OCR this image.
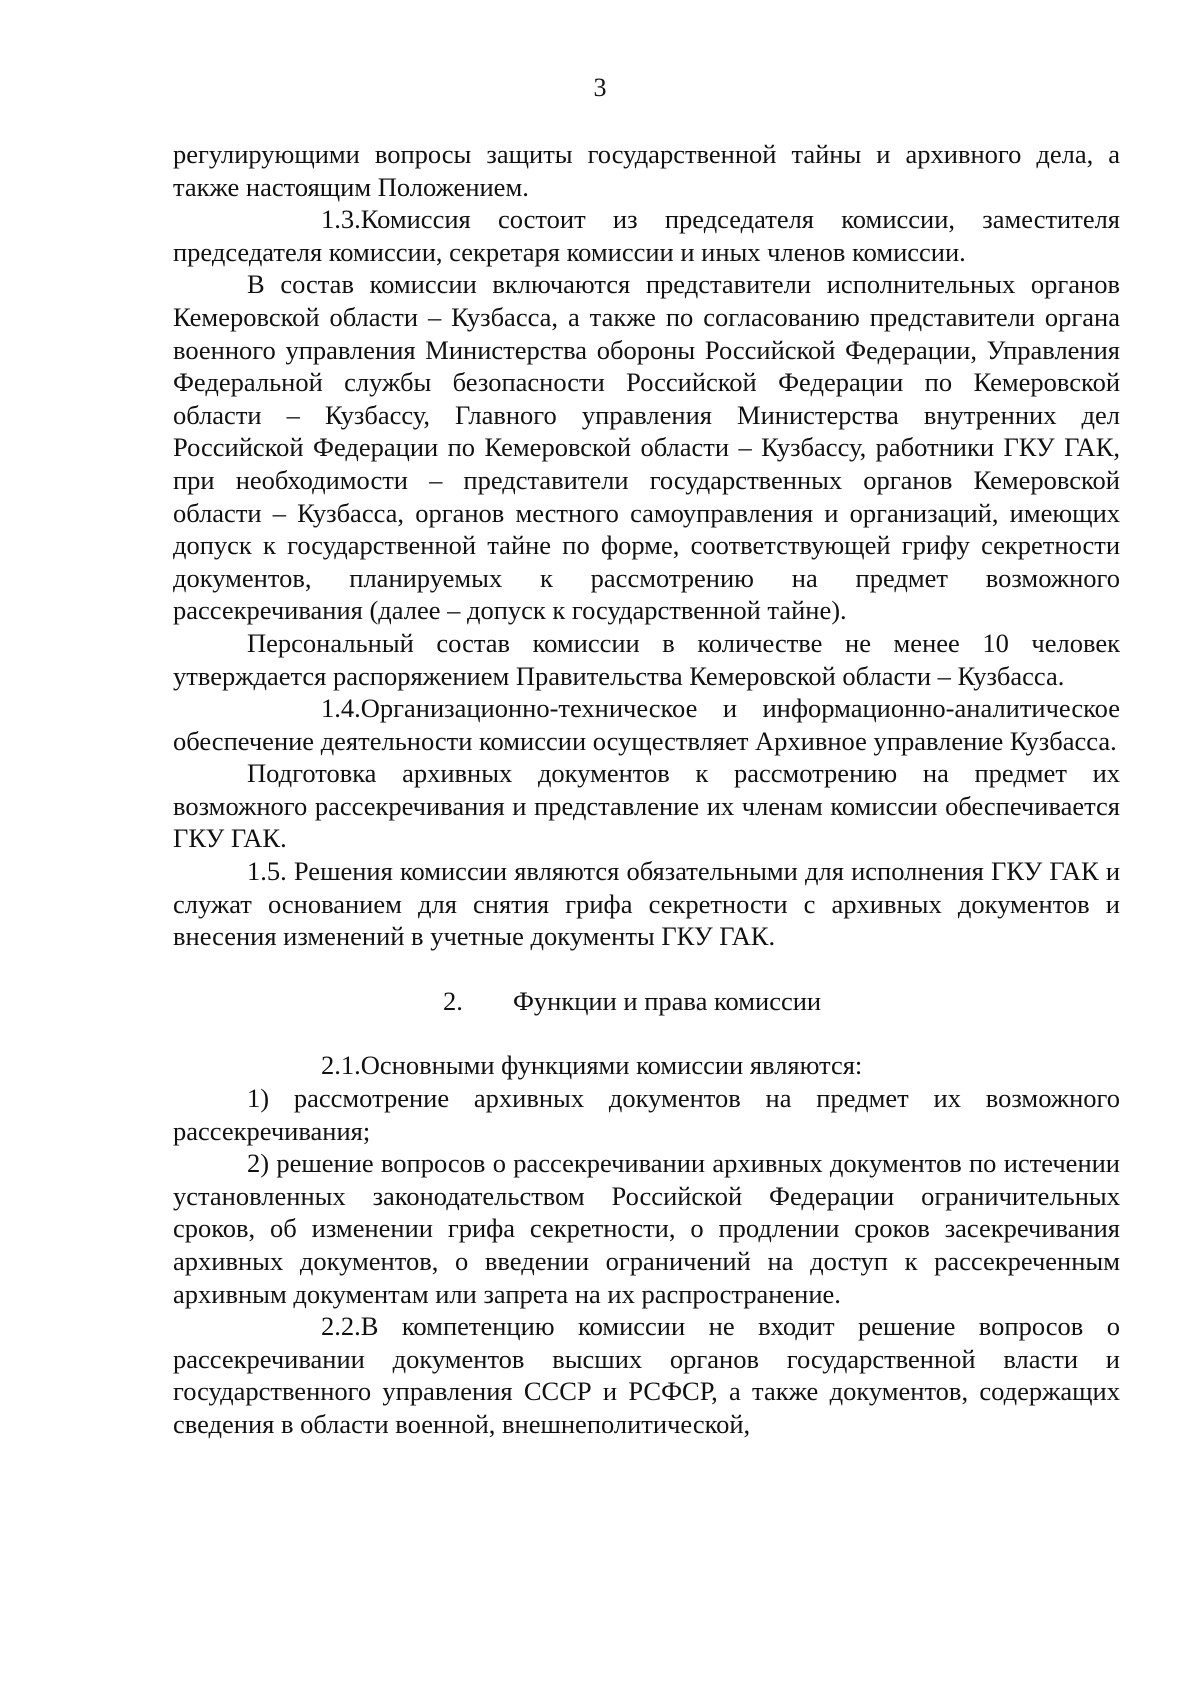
3

регулирующими вопросы защиты государственной тайны и архивного дела, а также настоящим Положением.

1.3.Комиссия состоит из председателя комиссии, заместителя председателя комиссии, секретаря комиссии и иных членов комиссии.

В состав комиссии включаются представители исполнительных органов Кемеровской области – Кузбасса, а также по согласованию представители органа военного управления Министерства обороны Российской Федерации, Управления Федеральной службы безопасности Российской Федерации по Кемеровской области – Кузбассу, Главного управления Министерства внутренних дел Российской Федерации по Кемеровской области – Кузбассу, работники ГКУ ГАК, при необходимости – представители государственных органов Кемеровской области – Кузбасса, органов местного самоуправления и организаций, имеющих допуск к государственной тайне по форме, соответствующей грифу секретности документов, планируемых к рассмотрению на предмет возможного рассекречивания (далее – допуск к государственной тайне).

Персональный состав комиссии в количестве не менее 10 человек утверждается распоряжением Правительства Кемеровской области – Кузбасса.

1.4.Организационно-техническое и информационно-аналитическое обеспечение деятельности комиссии осуществляет Архивное управление Кузбасса.

Подготовка архивных документов к рассмотрению на предмет их возможного рассекречивания и представление их членам комиссии обеспечивается ГКУ ГАК.

1.5. Решения комиссии являются обязательными для исполнения ГКУ ГАК и служат основанием для снятия грифа секретности с архивных документов и внесения изменений в учетные документы ГКУ ГАК.

2. Функции и права комиссии

2.1.Основными функциями комиссии являются:

1) рассмотрение архивных документов на предмет их возможного рассекречивания;

2) решение вопросов о рассекречивании архивных документов по истечении установленных законодательством Российской Федерации ограничительных сроков, об изменении грифа секретности, о продлении сроков засекречивания архивных документов, о введении ограничений на доступ к рассекреченным архивным документам или запрета на их распространение.

2.2.В компетенцию комиссии не входит решение вопросов о рассекречивании документов высших органов государственной власти и государственного управления СССР и РСФСР, а также документов, содержащих сведения в области военной, внешнеполитической,
